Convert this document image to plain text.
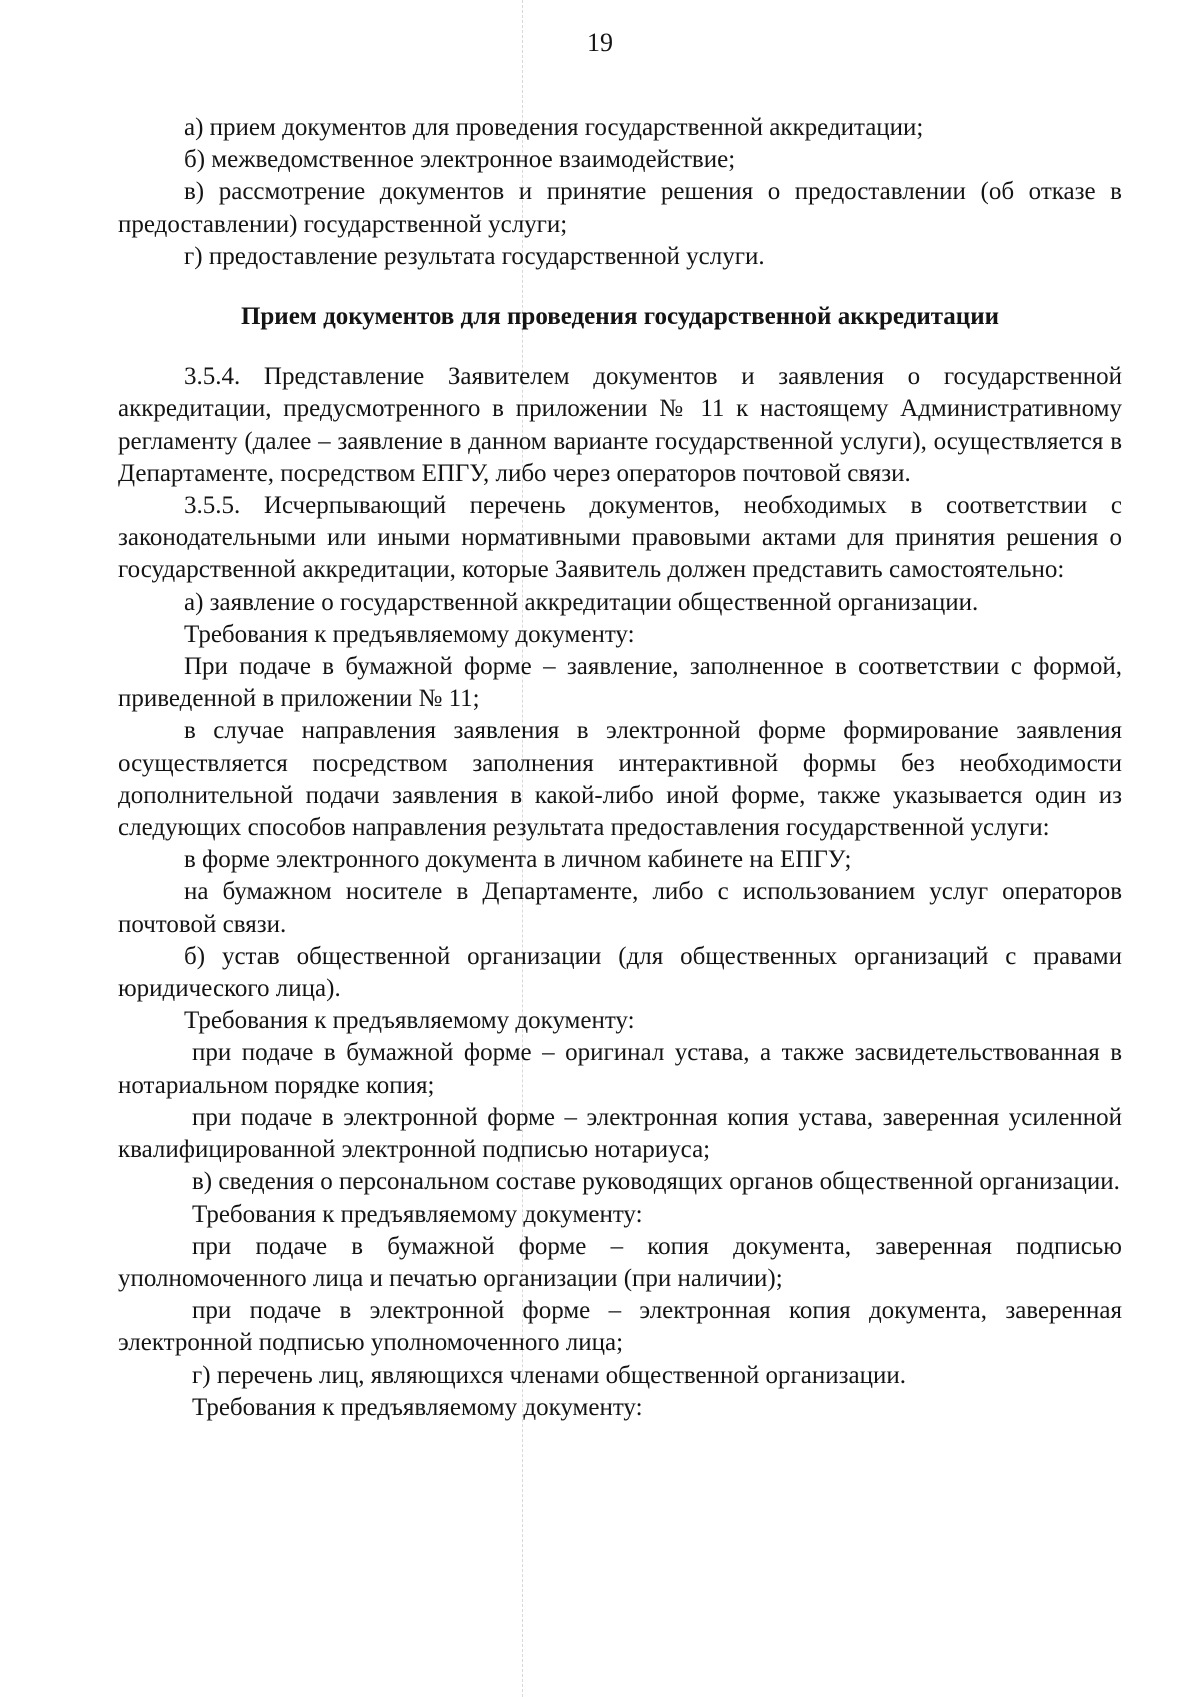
19

а) прием документов для проведения государственной аккредитации;

б) межведомственное электронное взаимодействие;

в) рассмотрение документов и принятие решения о предоставлении (об отказе в предоставлении) государственной услуги;

г) предоставление результата государственной услуги.

Прием документов для проведения государственной аккредитации

3.5.4. Представление Заявителем документов и заявления о государственной аккредитации, предусмотренного в приложении № 11 к настоящему Административному регламенту (далее – заявление в данном варианте государственной услуги), осуществляется в Департаменте, посредством ЕПГУ, либо через операторов почтовой связи.

3.5.5. Исчерпывающий перечень документов, необходимых в соответствии с законодательными или иными нормативными правовыми актами для принятия решения о государственной аккредитации, которые Заявитель должен представить самостоятельно:

а) заявление о государственной аккредитации общественной организации.

Требования к предъявляемому документу:

При подаче в бумажной форме – заявление, заполненное в соответствии с формой, приведенной в приложении № 11;

в случае направления заявления в электронной форме формирование заявления осуществляется посредством заполнения интерактивной формы без необходимости дополнительной подачи заявления в какой-либо иной форме, также указывается один из следующих способов направления результата предоставления государственной услуги:

в форме электронного документа в личном кабинете на ЕПГУ;

на бумажном носителе в Департаменте, либо с использованием услуг операторов почтовой связи.

б) устав общественной организации (для общественных организаций с правами юридического лица).

Требования к предъявляемому документу:

при подаче в бумажной форме – оригинал устава, а также засвидетельствованная в нотариальном порядке копия;

при подаче в электронной форме – электронная копия устава, заверенная усиленной квалифицированной электронной подписью нотариуса;

в) сведения о персональном составе руководящих органов общественной организации.

Требования к предъявляемому документу:

при подаче в бумажной форме – копия документа, заверенная подписью уполномоченного лица и печатью организации (при наличии);

при подаче в электронной форме – электронная копия документа, заверенная электронной подписью уполномоченного лица;

г) перечень лиц, являющихся членами общественной организации.

Требования к предъявляемому документу:
